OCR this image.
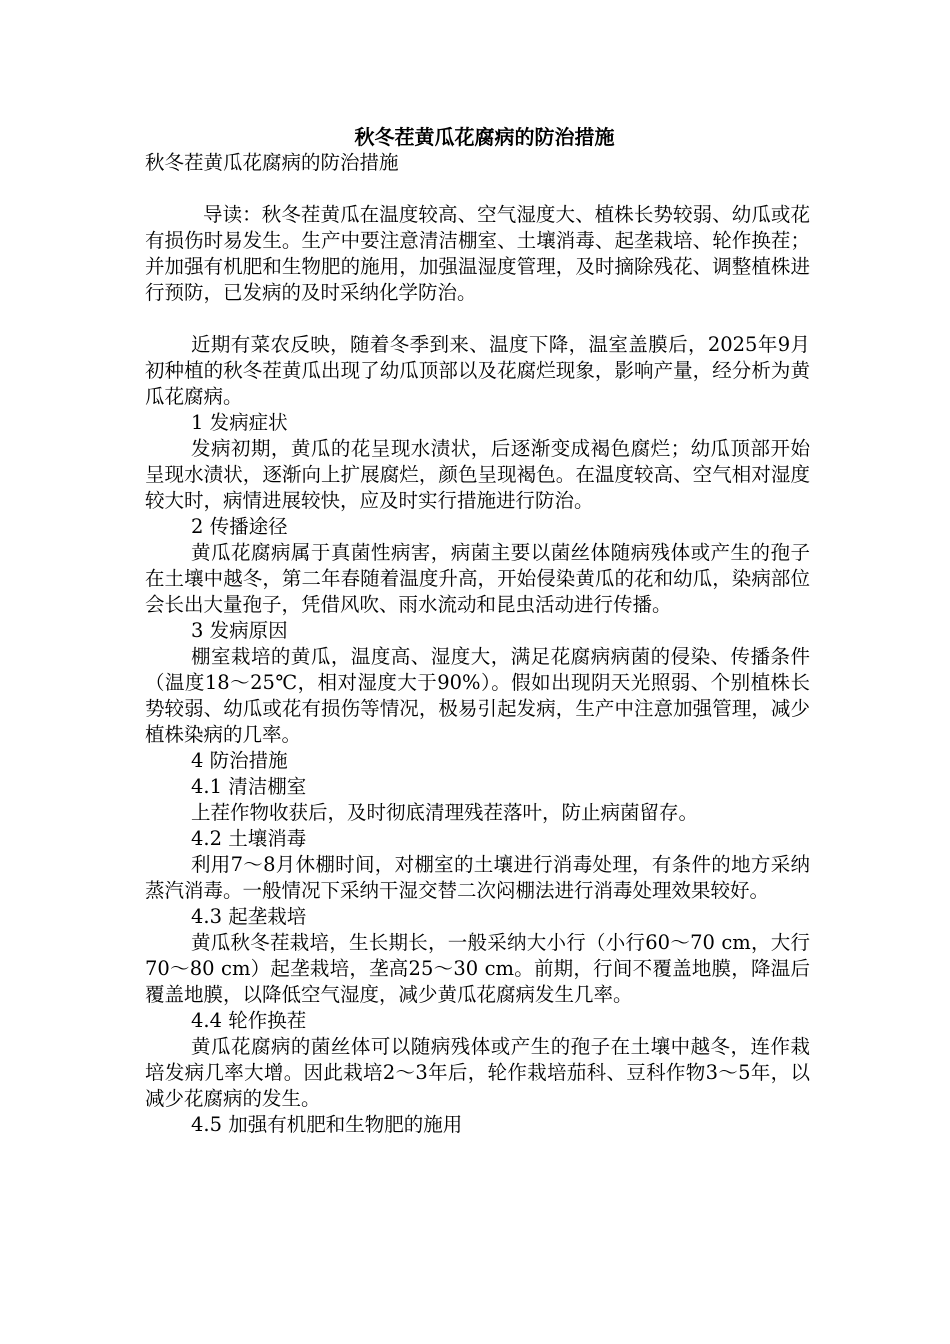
秋冬茬黄瓜花腐病的防治措施

秋冬茬黄瓜花腐病的防治措施

导读：秋冬茬黄瓜在温度较高、空气湿度大、植株长势较弱、幼瓜或花有损伤时易发生。生产中要注意清洁棚室、土壤消毒、起垄栽培、轮作换茬；并加强有机肥和生物肥的施用，加强温湿度管理，及时摘除残花、调整植株进行预防，已发病的及时采纳化学防治。

近期有菜农反映，随着冬季到来、温度下降，温室盖膜后，2025年9月初种植的秋冬茬黄瓜出现了幼瓜顶部以及花腐烂现象，影响产量，经分析为黄瓜花腐病。

1 发病症状

发病初期，黄瓜的花呈现水渍状，后逐渐变成褐色腐烂；幼瓜顶部开始呈现水渍状，逐渐向上扩展腐烂，颜色呈现褐色。在温度较高、空气相对湿度较大时，病情进展较快，应及时实行措施进行防治。

2 传播途径

黄瓜花腐病属于真菌性病害，病菌主要以菌丝体随病残体或产生的孢子在土壤中越冬，第二年春随着温度升高，开始侵染黄瓜的花和幼瓜，染病部位会长出大量孢子，凭借风吹、雨水流动和昆虫活动进行传播。

3 发病原因

棚室栽培的黄瓜，温度高、湿度大，满足花腐病病菌的侵染、传播条件（温度18～25℃，相对湿度大于90%）。假如出现阴天光照弱、个别植株长势较弱、幼瓜或花有损伤等情况，极易引起发病，生产中注意加强管理，减少植株染病的几率。

4 防治措施

4.1 清洁棚室

上茬作物收获后，及时彻底清理残茬落叶，防止病菌留存。

4.2 土壤消毒

利用7～8月休棚时间，对棚室的土壤进行消毒处理，有条件的地方采纳蒸汽消毒。一般情况下采纳干湿交替二次闷棚法进行消毒处理效果较好。

4.3 起垄栽培

黄瓜秋冬茬栽培，生长期长，一般采纳大小行（小行60～70 cm，大行70～80 cm）起垄栽培，垄高25～30 cm。前期，行间不覆盖地膜，降温后覆盖地膜，以降低空气湿度，减少黄瓜花腐病发生几率。

4.4 轮作换茬

黄瓜花腐病的菌丝体可以随病残体或产生的孢子在土壤中越冬，连作栽培发病几率大增。因此栽培2～3年后，轮作栽培茄科、豆科作物3～5年，以减少花腐病的发生。

4.5 加强有机肥和生物肥的施用
